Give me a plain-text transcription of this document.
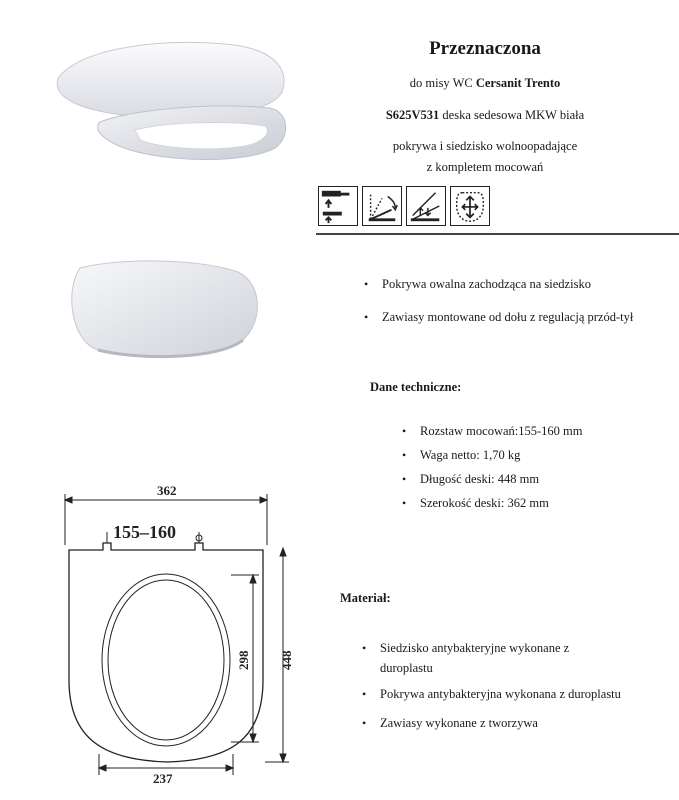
Przeznaczona
do misy WC Cersanit Trento
S625V531 deska sedesowa MKW biała
pokrywa i siedzisko wolnoopadające
z kompletem mocowań
• Pokrywa owalna zachodząca na siedzisko
• Zawiasy montowane od dołu z regulacją przód-tył
Dane techniczne:
• Rozstaw mocowań:155-160 mm
• Waga netto: 1,70 kg
• Długość deski: 448 mm
• Szerokość deski: 362 mm
362
155–160
448
298
237
Materiał:
• Siedzisko antybakteryjne wykonane z duroplastu
• Pokrywa antybakteryjna wykonana z duroplastu
• Zawiasy wykonane z tworzywa
